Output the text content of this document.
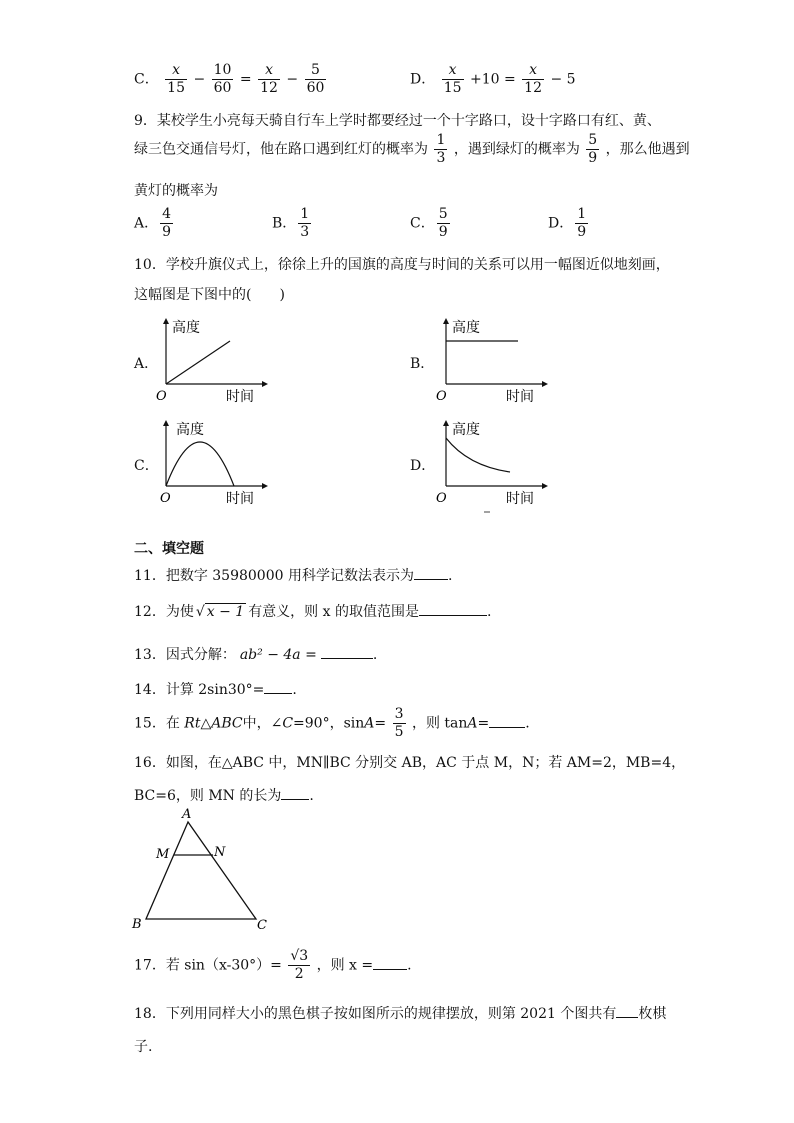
C． $\frac{x}{15} - \frac{10}{60} = \frac{x}{12} - \frac{5}{60}$	D． $\frac{x}{15} +10 = \frac{x}{12} - 5$
9．某校学生小亮每天骑自行车上学时都要经过一个十字路口，设十字路口有红、黄、
绿三色交通信号灯，他在路口遇到红灯的概率为 $\frac{1}{3}$ ，遇到绿灯的概率为 $\frac{5}{9}$ ，那么他遇到
黄灯的概率为
A． $\frac{4}{9}$	B． $\frac{1}{3}$	C． $\frac{5}{9}$	D． $\frac{1}{9}$
10．学校升旗仪式上，徐徐上升的国旗的高度与时间的关系可以用一幅图近似地刻画，
这幅图是下图中的(　　)
A．
高度
时间
O
B．
高度
时间
O
C．
高度
时间
O
D．
高度
时间
O
二、填空题
11．把数字 35980000 用科学记数法表示为 .
12．为使 √ x − 1 有意义，则 x 的取值范围是	.
13．因式分解： ab² − 4a =	.
14．计算 2sin30°= .
15．在 Rt△ABC中，∠C=90°，$\sin A= \frac{3}{5}$ ，则 tanA=	.
16．如图，在△ABC 中，MN∥BC 分别交 AB，AC 于点 M，N；若 AM=2，MB=4，
BC=6，则 MN 的长为 .
A
M	N
B	C
17．若 $\sin(x-30^\circ)= \frac{√3}{2}$ ，则 x = .
18．下列用同样大小的黑色棋子按如图所示的规律摆放，则第 2021 个图共有 枚棋
子.
